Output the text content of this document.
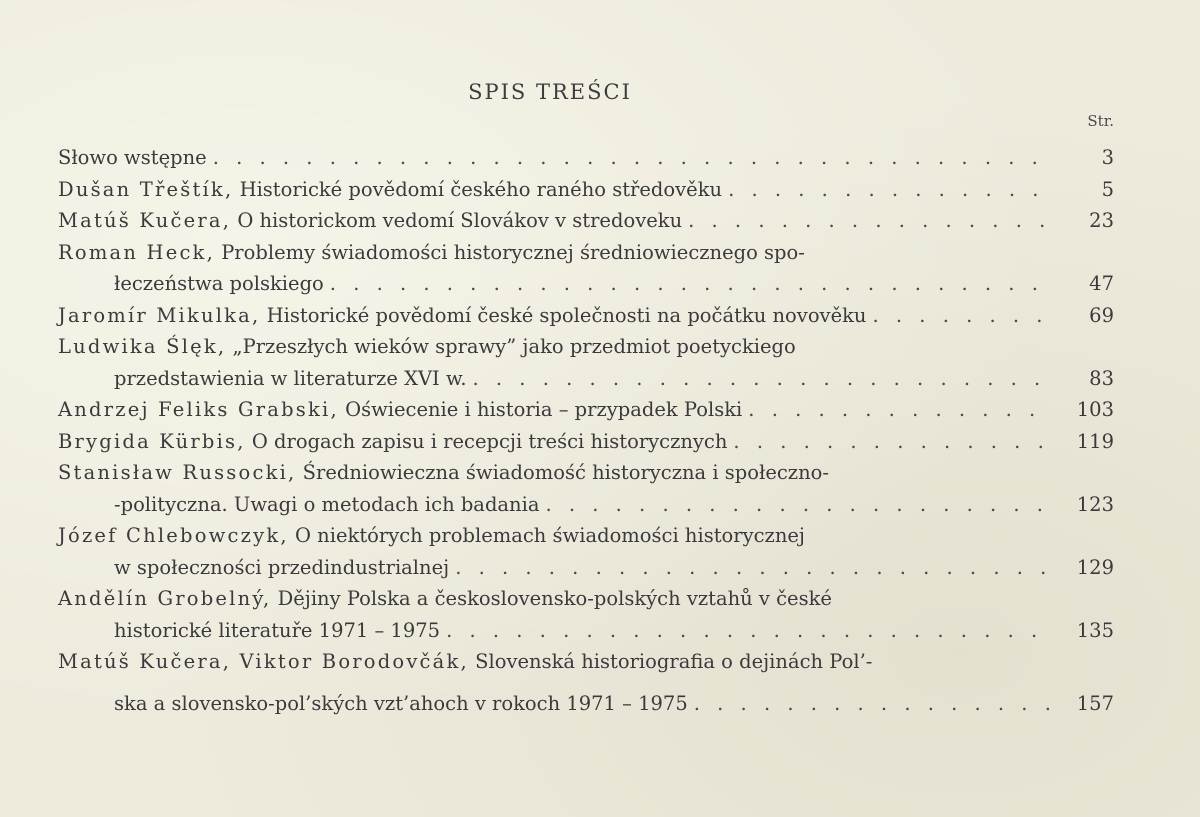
SPIS TREŚCI
Str.
Słowo wstępne . . .	3
Dušan Třeštík,
Historické povědomí českého raného středověku . . .	5
Matúš Kučera,
O historickom vedomí Slovákov v stredoveku . . .	23
Roman Heck,
Problemy świadomości historycznej średniowiecznego spo-
łeczeństwa polskiego . . .	47
Jaromír Mikulka,
Historické povědomí české společnosti na počátku novověku . . .	69
Ludwika Ślęk,
„Przeszłych wieków sprawy” jako przedmiot poetyckiego
przedstawienia w literaturze XVI w. . . .	83
Andrzej Feliks Grabski,
Oświecenie i historia – przypadek Polski . . .	103
Brygida Kürbis,
O drogach zapisu i recepcji treści historycznych . . .	119
Stanisław Russocki,
Średniowieczna świadomość historyczna i społeczno-
-polityczna. Uwagi o metodach ich badania . . .	123
Józef Chlebowczyk,
O niektórych problemach świadomości historycznej
w społeczności przedindustrialnej . . .	129
Andělín Grobelný,
Dějiny Polska a československo-polských vztahů v české
historické literatuře 1971 – 1975 . . .	135
Matúš Kučera, Viktor Borodovčák,
Slovenská historiografia o dejinách Pol’-
ska a slovensko-pol’ských vzt’ahoch v rokoch 1971 – 1975 . . .	157
